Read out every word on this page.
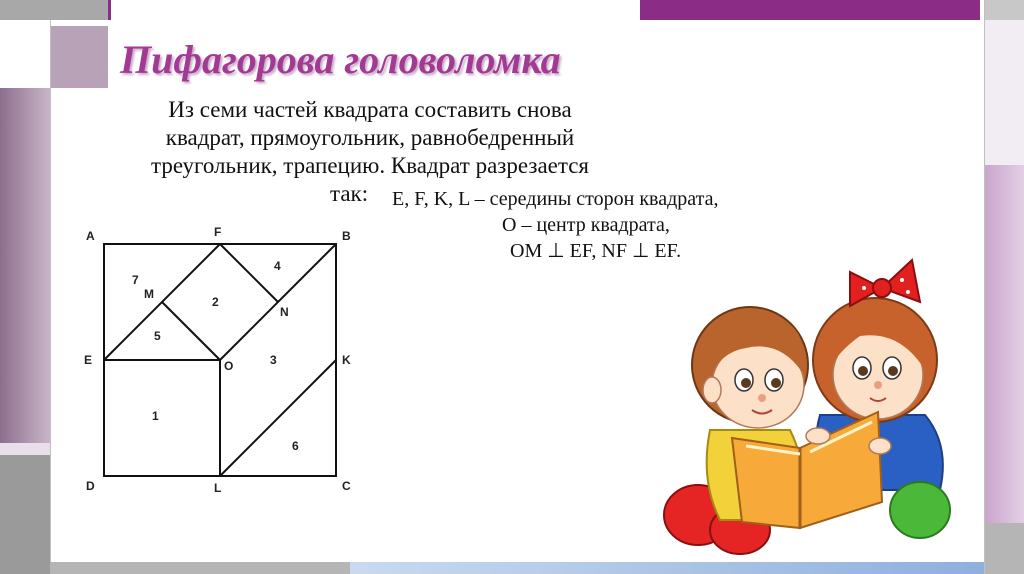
Пифагорова головоломка
Из семи частей квадрата составить снова
квадрат, прямоугольник, равнобедренный
треугольник, трапецию. Квадрат разрезается
так:	E, F, K, L – середины сторон квадрата,
O – центр квадрата,
OM ⊥ EF, NF ⊥ EF.
A	F	B
E	O	K
D	L	C
M
N
7
4
2
5
3
1
6
